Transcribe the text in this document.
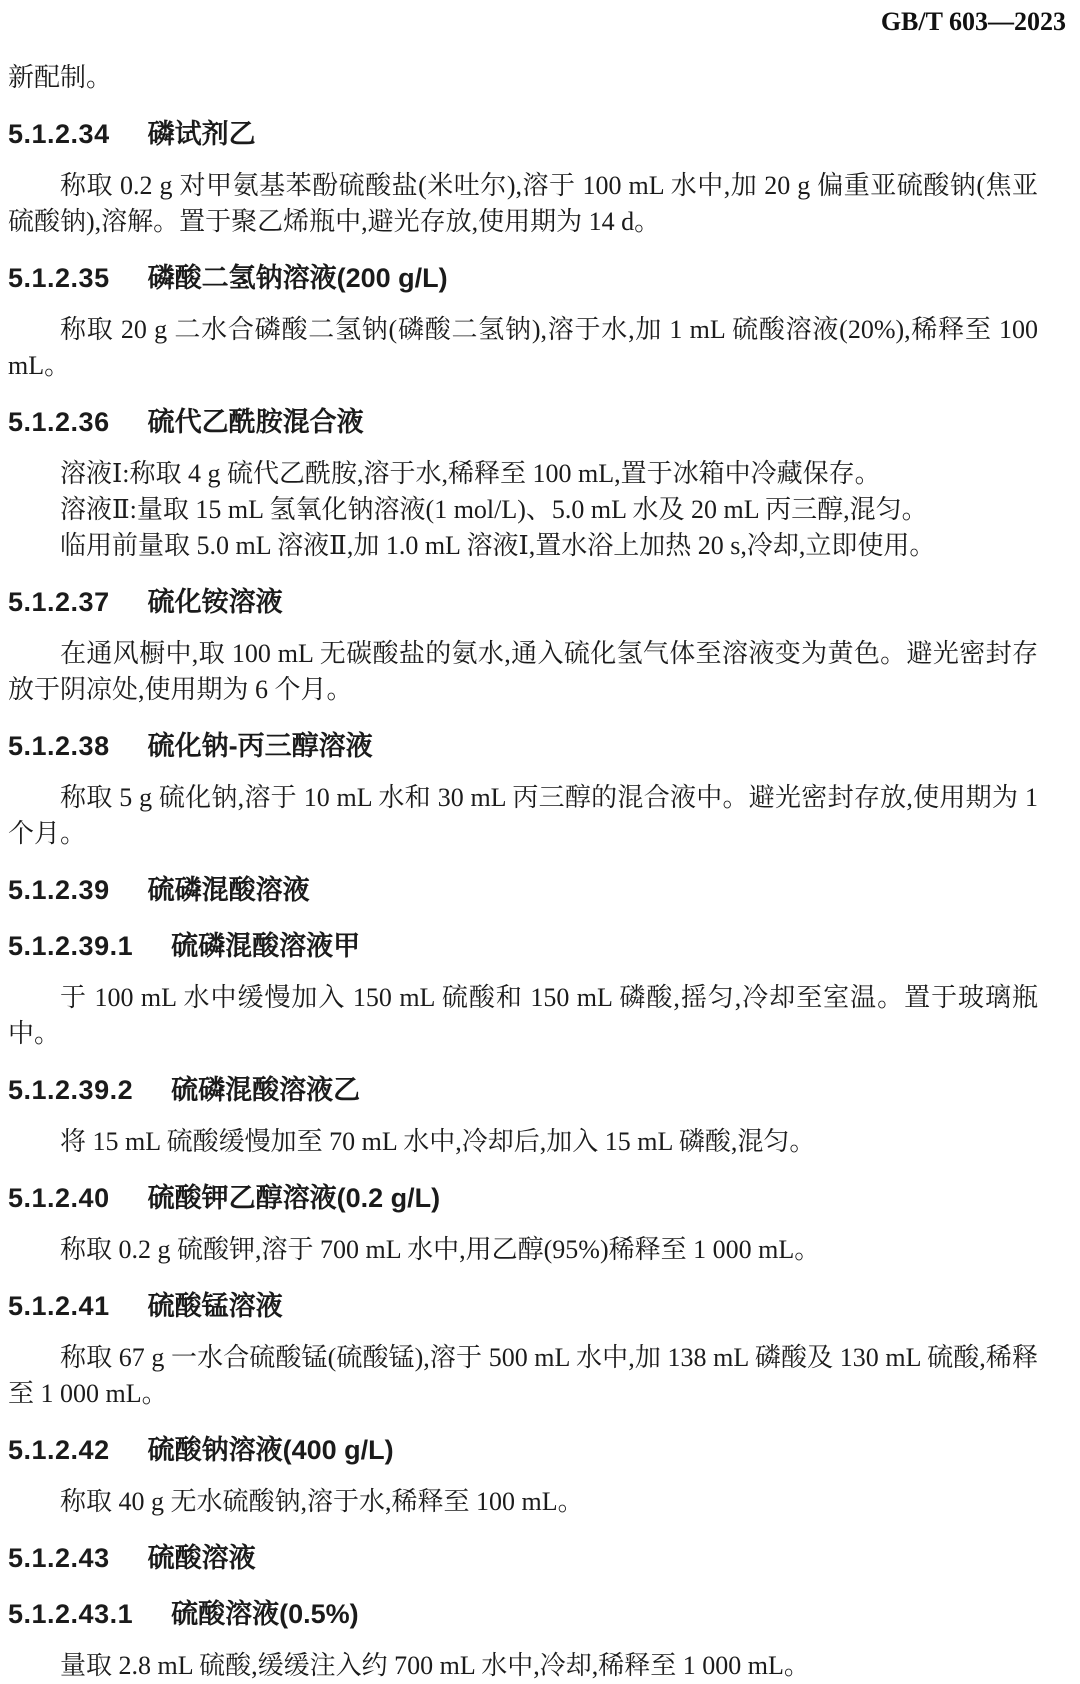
GB/T 603—2023

新配制。

5.1.2.34 磷试剂乙

称取 0.2 g 对甲氨基苯酚硫酸盐(米吐尔),溶于 100 mL 水中,加 20 g 偏重亚硫酸钠(焦亚硫酸钠),溶解。置于聚乙烯瓶中,避光存放,使用期为 14 d。

5.1.2.35 磷酸二氢钠溶液(200 g/L)

称取 20 g 二水合磷酸二氢钠(磷酸二氢钠),溶于水,加 1 mL 硫酸溶液(20%),稀释至 100 mL。

5.1.2.36 硫代乙酰胺混合液

溶液Ⅰ:称取 4 g 硫代乙酰胺,溶于水,稀释至 100 mL,置于冰箱中冷藏保存。

溶液Ⅱ:量取 15 mL 氢氧化钠溶液(1 mol/L)、5.0 mL 水及 20 mL 丙三醇,混匀。

临用前量取 5.0 mL 溶液Ⅱ,加 1.0 mL 溶液Ⅰ,置水浴上加热 20 s,冷却,立即使用。

5.1.2.37 硫化铵溶液

在通风橱中,取 100 mL 无碳酸盐的氨水,通入硫化氢气体至溶液变为黄色。避光密封存放于阴凉处,使用期为 6 个月。

5.1.2.38 硫化钠-丙三醇溶液

称取 5 g 硫化钠,溶于 10 mL 水和 30 mL 丙三醇的混合液中。避光密封存放,使用期为 1 个月。

5.1.2.39 硫磷混酸溶液
5.1.2.39.1 硫磷混酸溶液甲

于 100 mL 水中缓慢加入 150 mL 硫酸和 150 mL 磷酸,摇匀,冷却至室温。置于玻璃瓶中。

5.1.2.39.2 硫磷混酸溶液乙

将 15 mL 硫酸缓慢加至 70 mL 水中,冷却后,加入 15 mL 磷酸,混匀。

5.1.2.40 硫酸钾乙醇溶液(0.2 g/L)

称取 0.2 g 硫酸钾,溶于 700 mL 水中,用乙醇(95%)稀释至 1 000 mL。

5.1.2.41 硫酸锰溶液

称取 67 g 一水合硫酸锰(硫酸锰),溶于 500 mL 水中,加 138 mL 磷酸及 130 mL 硫酸,稀释至 1 000 mL。

5.1.2.42 硫酸钠溶液(400 g/L)

称取 40 g 无水硫酸钠,溶于水,稀释至 100 mL。

5.1.2.43 硫酸溶液
5.1.2.43.1 硫酸溶液(0.5%)

量取 2.8 mL 硫酸,缓缓注入约 700 mL 水中,冷却,稀释至 1 000 mL。
